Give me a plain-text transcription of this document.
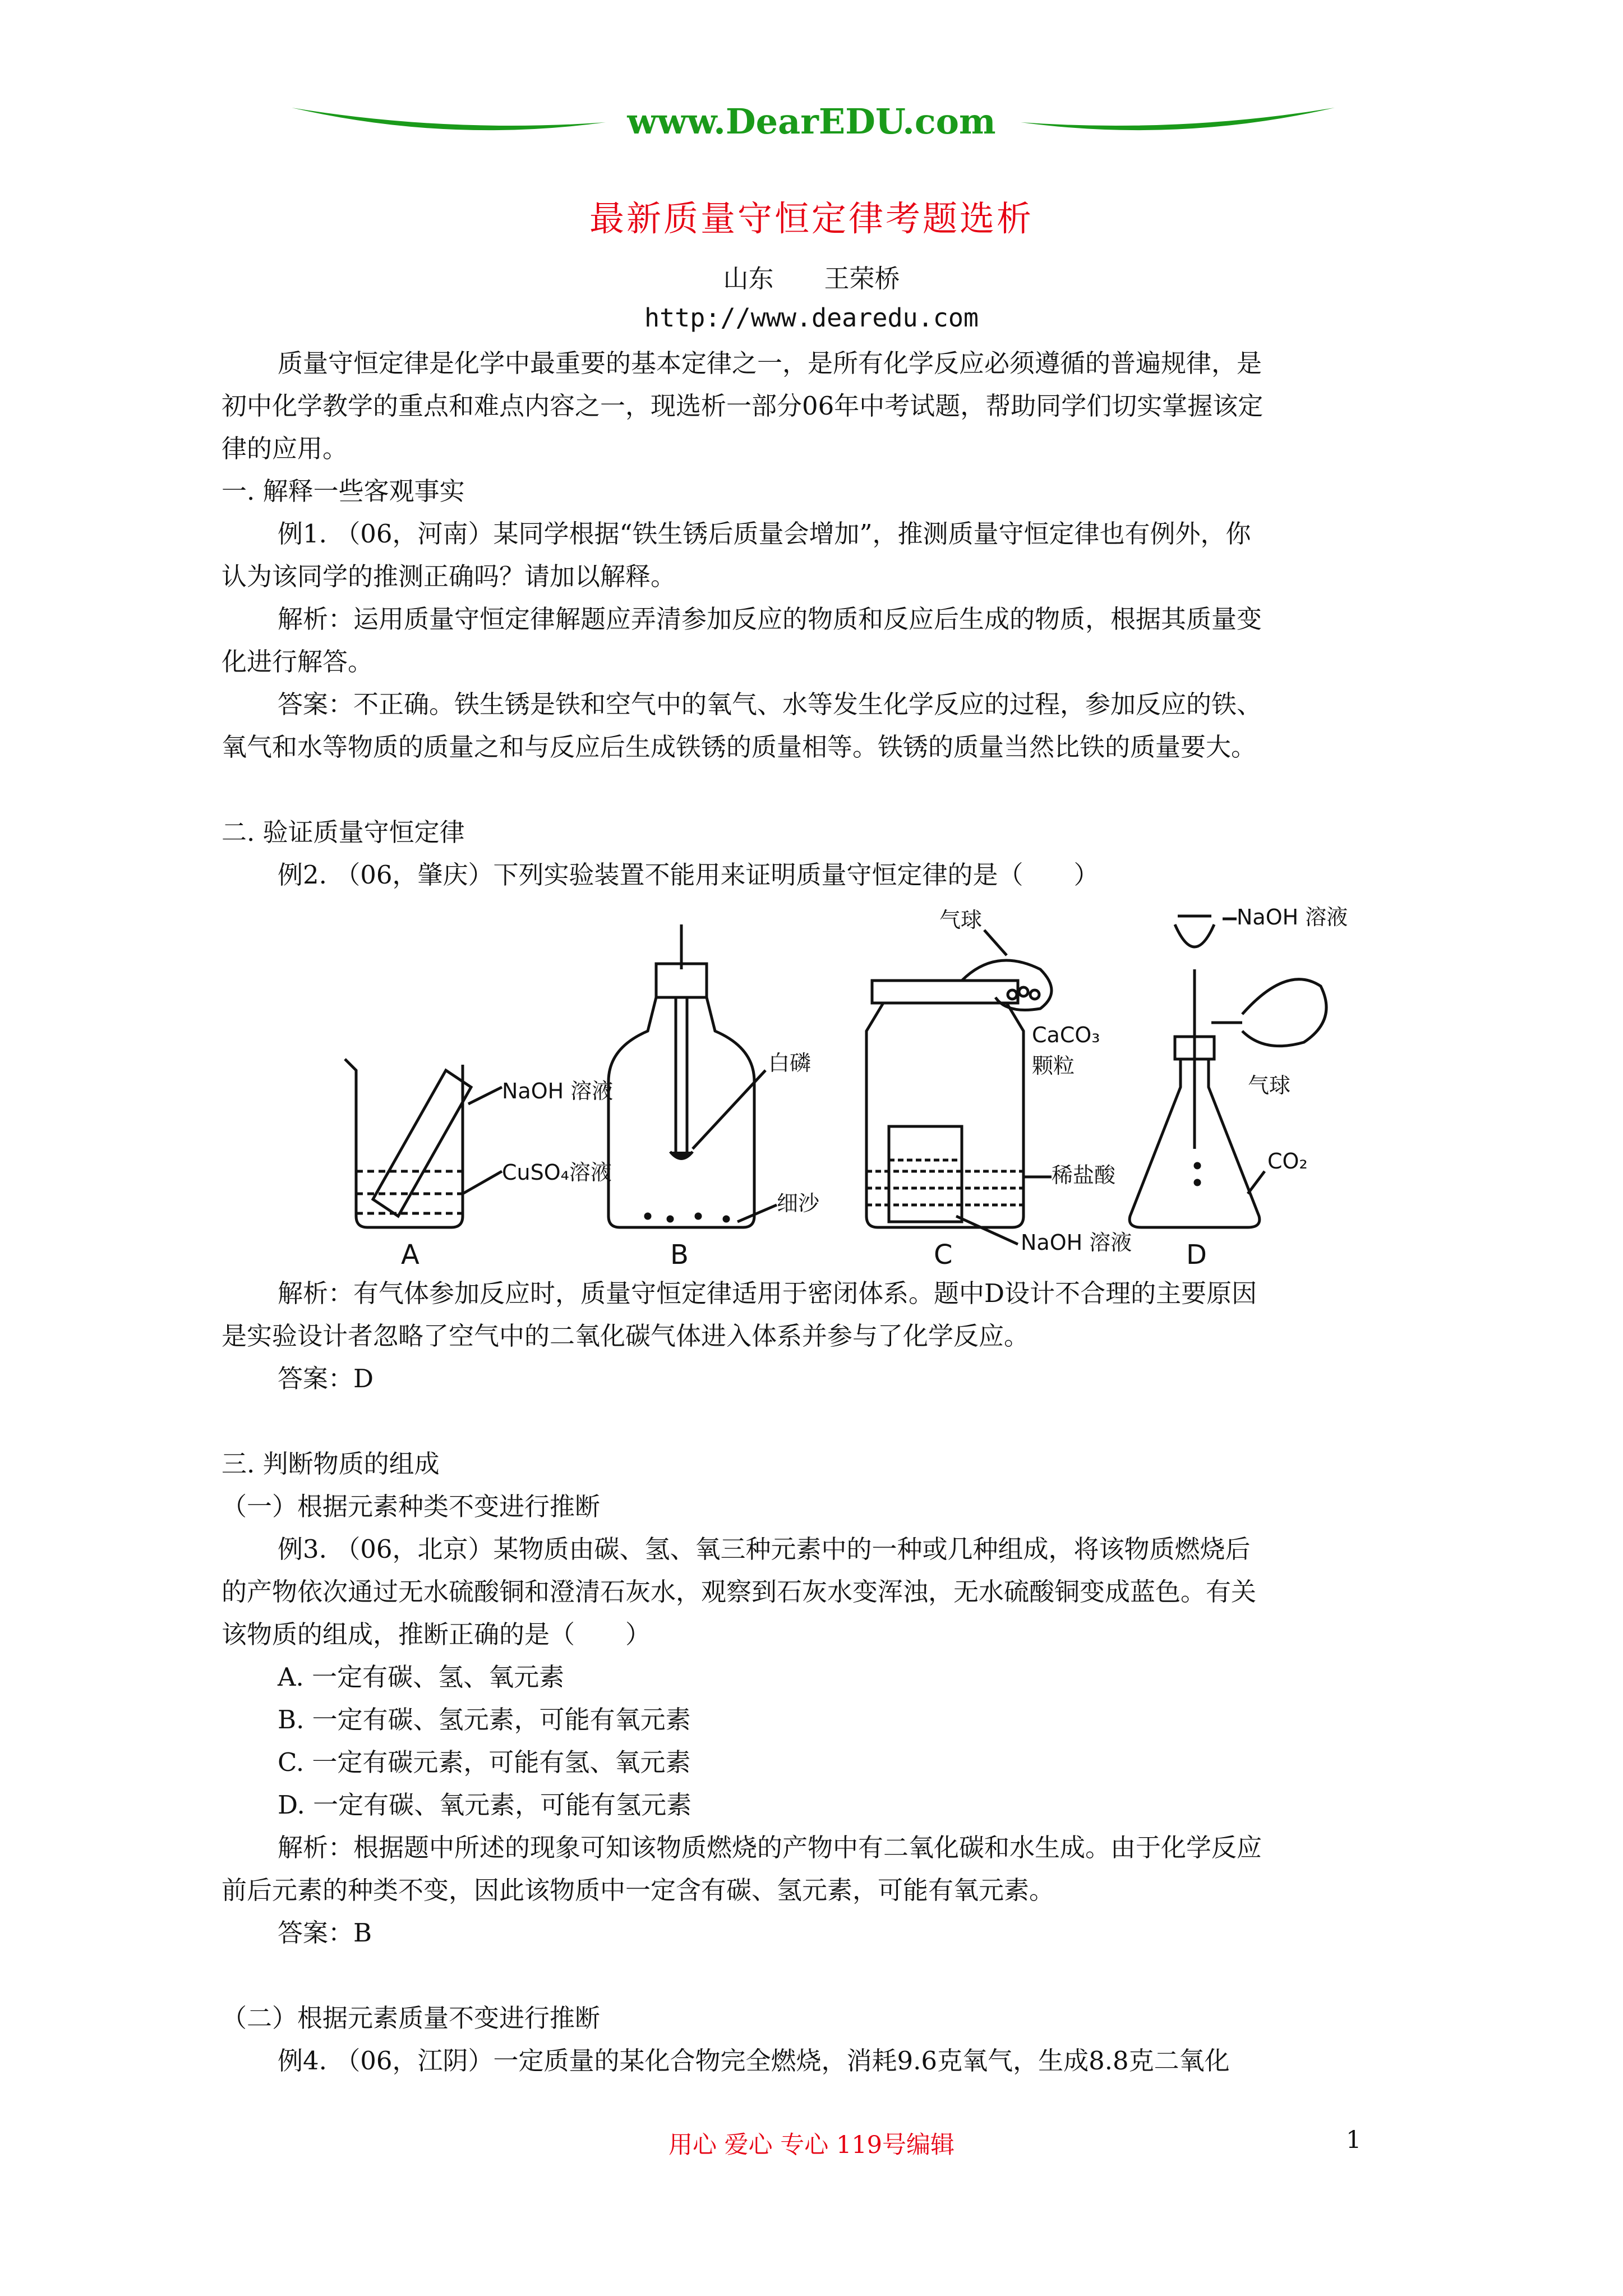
www.DearEDU.com
最新质量守恒定律考题选析
山东　　王荣桥
http://www.dearedu.com
质量守恒定律是化学中最重要的基本定律之一，是所有化学反应必须遵循的普遍规律，是
初中化学教学的重点和难点内容之一，现选析一部分06年中考试题，帮助同学们切实掌握该定
律的应用。
一. 解释一些客观事实
例1. （06，河南）某同学根据“铁生锈后质量会增加”，推测质量守恒定律也有例外，你
认为该同学的推测正确吗？请加以解释。
解析：运用质量守恒定律解题应弄清参加反应的物质和反应后生成的物质，根据其质量变
化进行解答。
答案：不正确。铁生锈是铁和空气中的氧气、水等发生化学反应的过程，参加反应的铁、
氧气和水等物质的质量之和与反应后生成铁锈的质量相等。铁锈的质量当然比铁的质量要大。
二. 验证质量守恒定律
例2. （06，肇庆）下列实验装置不能用来证明质量守恒定律的是（　　）
NaOH 溶液
CuSO₄溶液
A
白磷
细沙
B
气球
CaCO₃
颗粒
稀盐酸
NaOH 溶液
C
NaOH 溶液
气球
CO₂
D
解析：有气体参加反应时，质量守恒定律适用于密闭体系。题中D设计不合理的主要原因
是实验设计者忽略了空气中的二氧化碳气体进入体系并参与了化学反应。
答案：D
三. 判断物质的组成
（一）根据元素种类不变进行推断
例3. （06，北京）某物质由碳、氢、氧三种元素中的一种或几种组成，将该物质燃烧后
的产物依次通过无水硫酸铜和澄清石灰水，观察到石灰水变浑浊，无水硫酸铜变成蓝色。有关
该物质的组成，推断正确的是（　　）
A. 一定有碳、氢、氧元素
B. 一定有碳、氢元素，可能有氧元素
C. 一定有碳元素，可能有氢、氧元素
D. 一定有碳、氧元素，可能有氢元素
解析：根据题中所述的现象可知该物质燃烧的产物中有二氧化碳和水生成。由于化学反应
前后元素的种类不变，因此该物质中一定含有碳、氢元素，可能有氧元素。
答案：B
（二）根据元素质量不变进行推断
例4. （06，江阴）一定质量的某化合物完全燃烧，消耗9.6克氧气，生成8.8克二氧化
用心 爱心 专心 119号编辑	1
